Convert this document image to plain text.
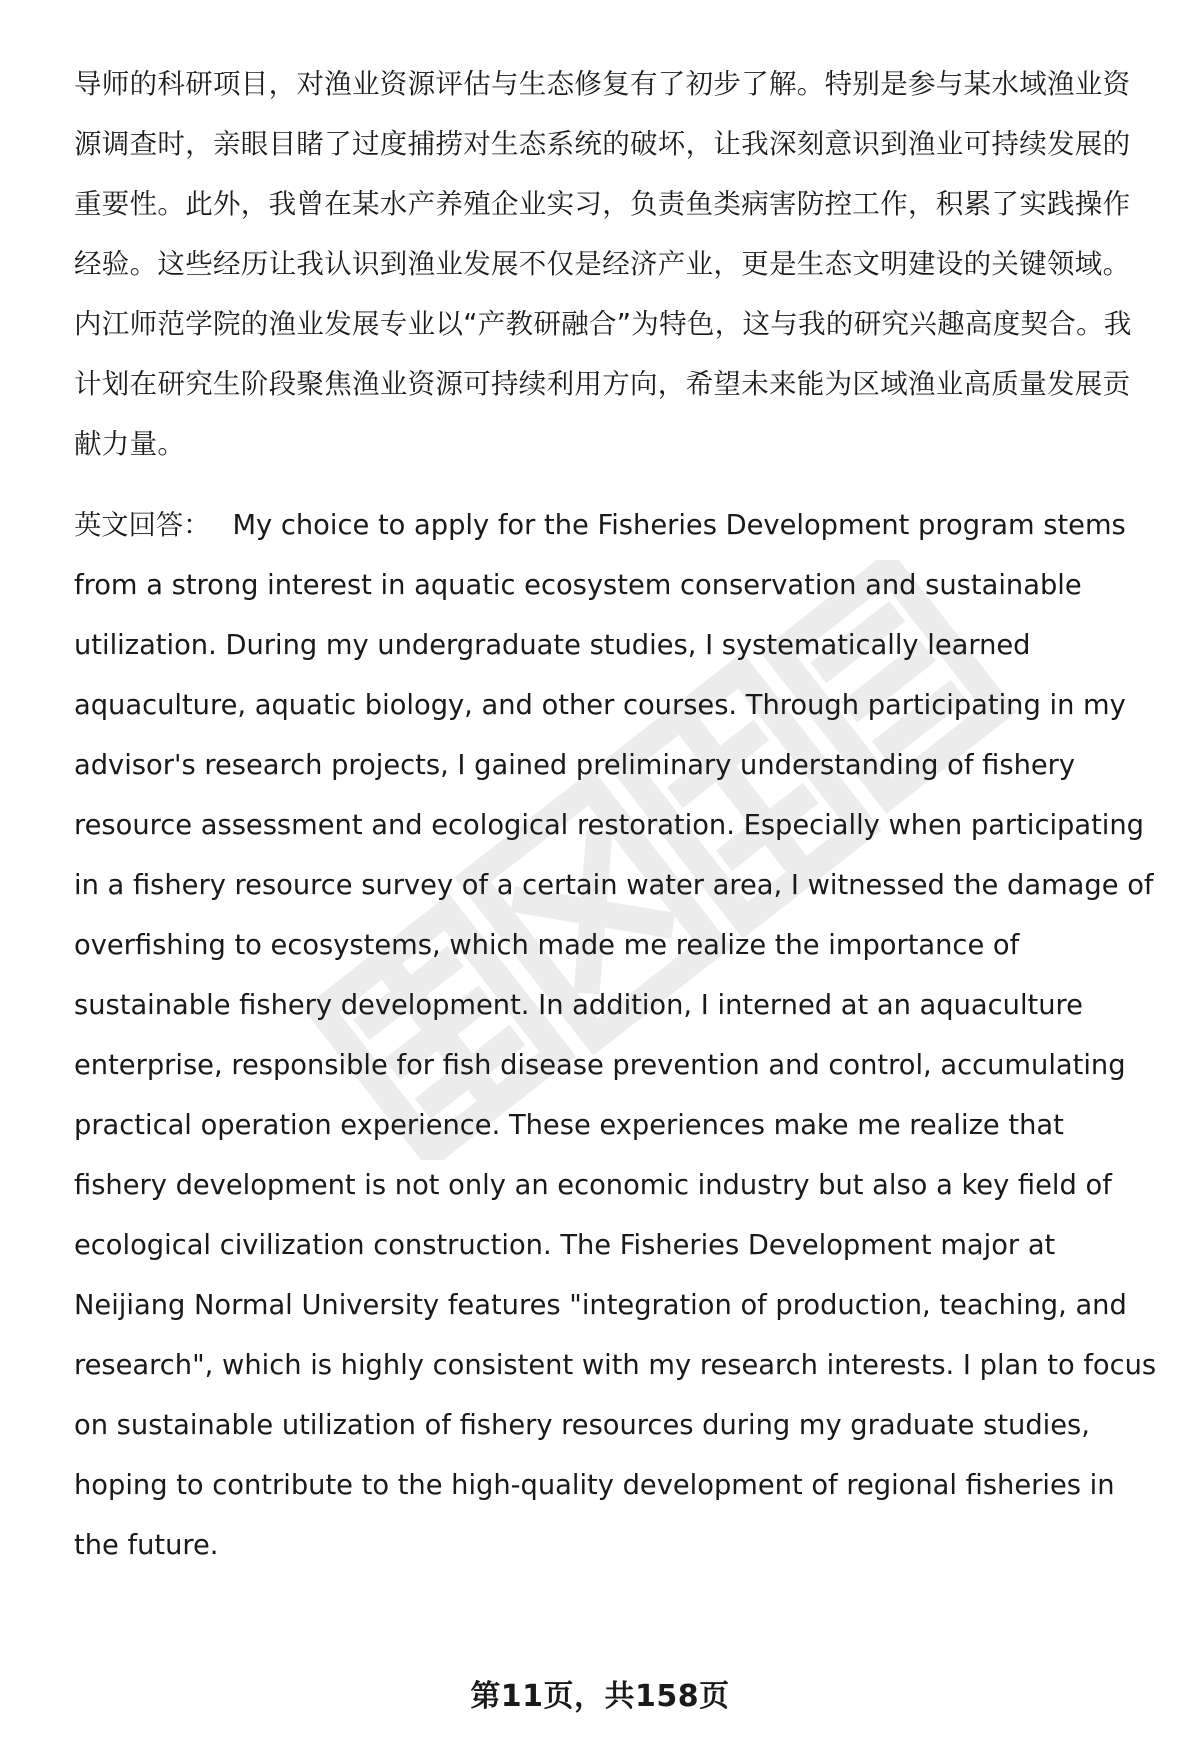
导师的科研项目，对渔业资源评估与生态修复有了初步了解。特别是参与某水域渔业资源调查时，亲眼目睹了过度捕捞对生态系统的破坏，让我深刻意识到渔业可持续发展的重要性。此外，我曾在某水产养殖企业实习，负责鱼类病害防控工作，积累了实践操作经验。这些经历让我认识到渔业发展不仅是经济产业，更是生态文明建设的关键领域。内江师范学院的渔业发展专业以“产教研融合”为特色，这与我的研究兴趣高度契合。我计划在研究生阶段聚焦渔业资源可持续利用方向，希望未来能为区域渔业高质量发展贡献力量。

英文回答： My choice to apply for the Fisheries Development program stems from a strong interest in aquatic ecosystem conservation and sustainable utilization. During my undergraduate studies, I systematically learned aquaculture, aquatic biology, and other courses. Through participating in my advisor's research projects, I gained preliminary understanding of fishery resource assessment and ecological restoration. Especially when participating in a fishery resource survey of a certain water area, I witnessed the damage of overfishing to ecosystems, which made me realize the importance of sustainable fishery development. In addition, I interned at an aquaculture enterprise, responsible for fish disease prevention and control, accumulating practical operation experience. These experiences make me realize that fishery development is not only an economic industry but also a key field of ecological civilization construction. The Fisheries Development major at Neijiang Normal University features "integration of production, teaching, and research", which is highly consistent with my research interests. I plan to focus on sustainable utilization of fishery resources during my graduate studies, hoping to contribute to the high-quality development of regional fisheries in the future.

第11页，共158页
